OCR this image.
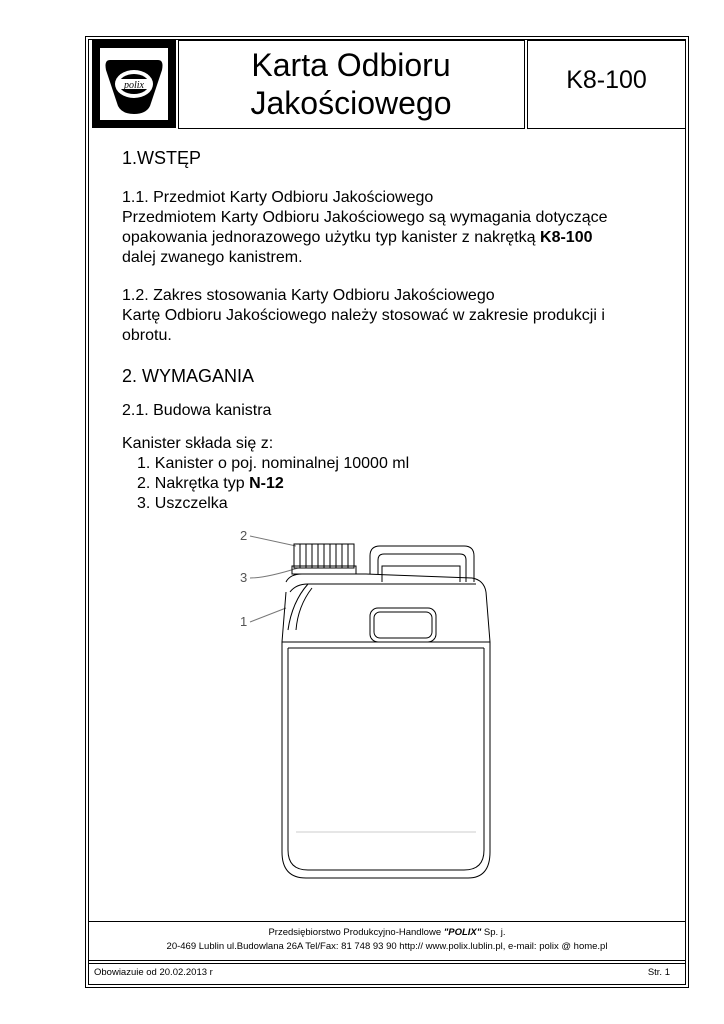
polix
Karta Odbioru
Jakościowego
K8-100
1.WSTĘP
1.1. Przedmiot Karty Odbioru Jakościowego
Przedmiotem Karty Odbioru Jakościowego są wymagania dotyczące
opakowania jednorazowego użytku typ kanister z nakrętką K8-100
dalej zwanego kanistrem.
1.2. Zakres stosowania Karty Odbioru Jakościowego
Kartę Odbioru Jakościowego należy stosować w zakresie produkcji i
obrotu.
2. WYMAGANIA
2.1. Budowa kanistra
Kanister składa się z:
1. Kanister o poj. nominalnej 10000 ml
2. Nakrętka typ N-12
3. Uszczelka
2
3
1
Przedsiębiorstwo Produkcyjno-Handlowe "POLIX" Sp. j.
20-469 Lublin ul.Budowlana 26A Tel/Fax: 81 748 93 90 http:// www.polix.lublin.pl, e-mail: polix @ home.pl
Obowiazuie od 20.02.2013 r	Str. 1
